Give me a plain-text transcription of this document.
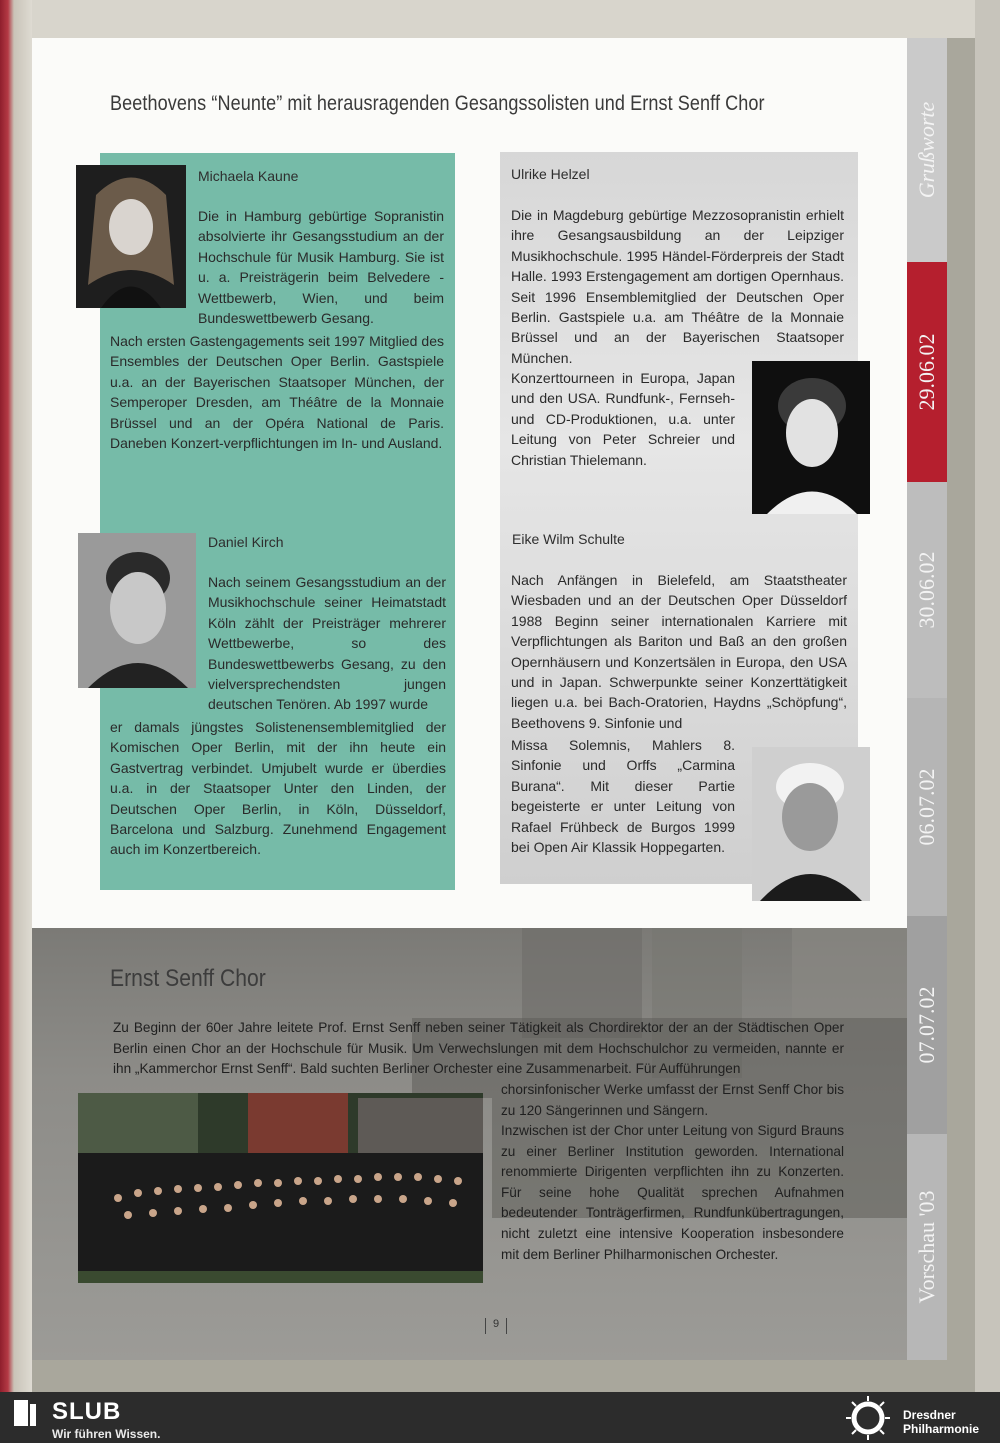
Grußworte
29.06.02
30.06.02
06.07.02
07.07.02
Vorschau '03
Beethovens “Neunte” mit herausragenden Gesangssolisten und Ernst Senff Chor
Michaela Kaune

Die in Hamburg gebürtige Sopranistin absolvierte ihr Gesangsstudium an der Hochschule für Musik Hamburg. Sie ist u. a. Preisträgerin beim Belvedere - Wettbewerb, Wien, und beim Bundeswettbewerb Gesang.

Nach ersten Gastengagements seit 1997 Mitglied des Ensembles der Deutschen Oper Berlin. Gastspiele u.a. an der Bayerischen Staatsoper München, der Semperoper Dresden, am Théâtre de la Monnaie Brüssel und an der Opéra National de Paris. Daneben Konzert-verpflichtungen im In- und Ausland.

Daniel Kirch

Nach seinem Gesangsstudium an der Musikhochschule seiner Heimatstadt Köln zählt der Preisträger mehrerer Wettbewerbe, so des Bundeswettbewerbs Gesang, zu den vielversprechendsten jungen deutschen Tenören. Ab 1997 wurde

er damals jüngstes Solistenensemblemitglied der Komischen Oper Berlin, mit der ihn heute ein Gastvertrag verbindet. Umjubelt wurde er überdies u.a. in der Staatsoper Unter den Linden, der Deutschen Oper Berlin, in Köln, Düsseldorf, Barcelona und Salzburg. Zunehmend Engagement auch im Konzertbereich.

Ulrike Helzel

Die in Magdeburg gebürtige Mezzosopranistin erhielt ihre Gesangsausbildung an der Leipziger Musikhochschule. 1995 Händel-Förderpreis der Stadt Halle. 1993 Erstengagement am dortigen Opernhaus. Seit 1996 Ensemblemitglied der Deutschen Oper Berlin. Gastspiele u.a. am Théâtre de la Monnaie Brüssel und an der Bayerischen Staatsoper München.

Konzerttourneen in Europa, Japan und den USA. Rundfunk-, Fernseh- und CD-Produktionen, u.a. unter Leitung von Peter Schreier und Christian Thielemann.

Eike Wilm Schulte

Nach Anfängen in Bielefeld, am Staatstheater Wiesbaden und an der Deutschen Oper Düsseldorf 1988 Beginn seiner internationalen Karriere mit Verpflichtungen als Bariton und Baß an den großen Opernhäusern und Konzertsälen in Europa, den USA und in Japan. Schwerpunkte seiner Konzerttätigkeit liegen u.a. bei Bach-Oratorien, Haydns „Schöpfung“, Beethovens 9. Sinfonie und

Missa Solemnis, Mahlers 8. Sinfonie und Orffs „Carmina Burana“. Mit dieser Partie begeisterte er unter Leitung von Rafael Frühbeck de Burgos 1999 bei Open Air Klassik Hoppegarten.

Ernst Senff Chor

Zu Beginn der 60er Jahre leitete Prof. Ernst Senff neben seiner Tätigkeit als Chordirektor der an der Städtischen Oper Berlin einen Chor an der Hochschule für Musik. Um Verwechslungen mit dem Hochschulchor zu vermeiden, nannte er ihn „Kammerchor Ernst Senff“. Bald suchten Berliner Orchester eine Zusammenarbeit. Für Aufführungen

chorsinfonischer Werke umfasst der Ernst Senff Chor bis zu 120 Sängerinnen und Sängern.

Inzwischen ist der Chor unter Leitung von Sigurd Brauns zu einer Berliner Institution geworden. International renommierte Dirigenten verpflichten ihn zu Konzerten. Für seine hohe Qualität sprechen Aufnahmen bedeutender Tonträgerfirmen, Rundfunkübertragungen, nicht zuletzt eine intensive Kooperation insbesondere mit dem Berliner Philharmonischen Orchester.

9
SLUB
Wir führen Wissen.
Dresdner
Philharmonie
